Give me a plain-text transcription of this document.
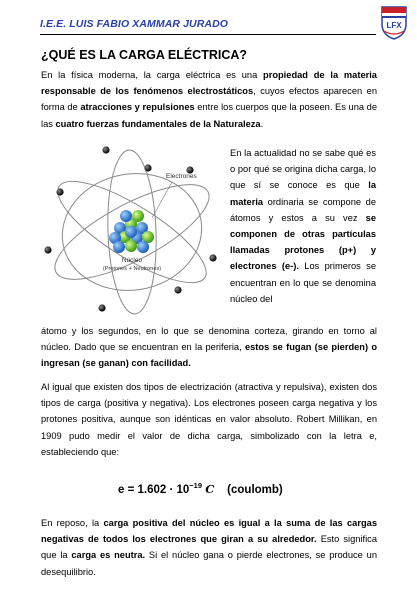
I.E.E. LUIS FABIO XAMMAR JURADO	LFX
¿QUÉ ES LA CARGA ELÉCTRICA?

En la física moderna, la carga eléctrica es una propiedad de la materia responsable de los fenómenos electrostáticos, cuyos efectos aparecen en forma de atracciones y repulsiones entre los cuerpos que la poseen. Es una de las cuatro fuerzas fundamentales de la Naturaleza.

Electrones
Núcleo
(Protones + Neutrones)

En la actualidad no se sabe qué es o por qué se origina dicha carga, lo que sí se conoce es que la materia ordinaria se compone de átomos y estos a su vez se componen de otras partículas llamadas protones (p+) y electrones (e-). Los primeros se encuentran en lo que se denomina núcleo del

átomo y los segundos, en lo que se denomina corteza, girando en torno al núcleo. Dado que se encuentran en la periferia, estos se fugan (se pierden) o ingresan (se ganan) con facilidad.

Al igual que existen dos tipos de electrización (atractiva y repulsiva), existen dos tipos de carga (positiva y negativa). Los electrones poseen carga negativa y los protones positiva, aunque son idénticas en valor absoluto. Robert Millikan, en 1909 pudo medir el valor de dicha carga, simbolizado con la letra e, estableciendo que:

$e = 1.602 \cdot 10^{-19}$ C (coulomb)

En reposo, la carga positiva del núcleo es igual a la suma de las cargas negativas de todos los electrones que giran a su alrededor. Esto significa que la carga es neutra. Si el núcleo gana o pierde electrones, se produce un desequilibrio.
